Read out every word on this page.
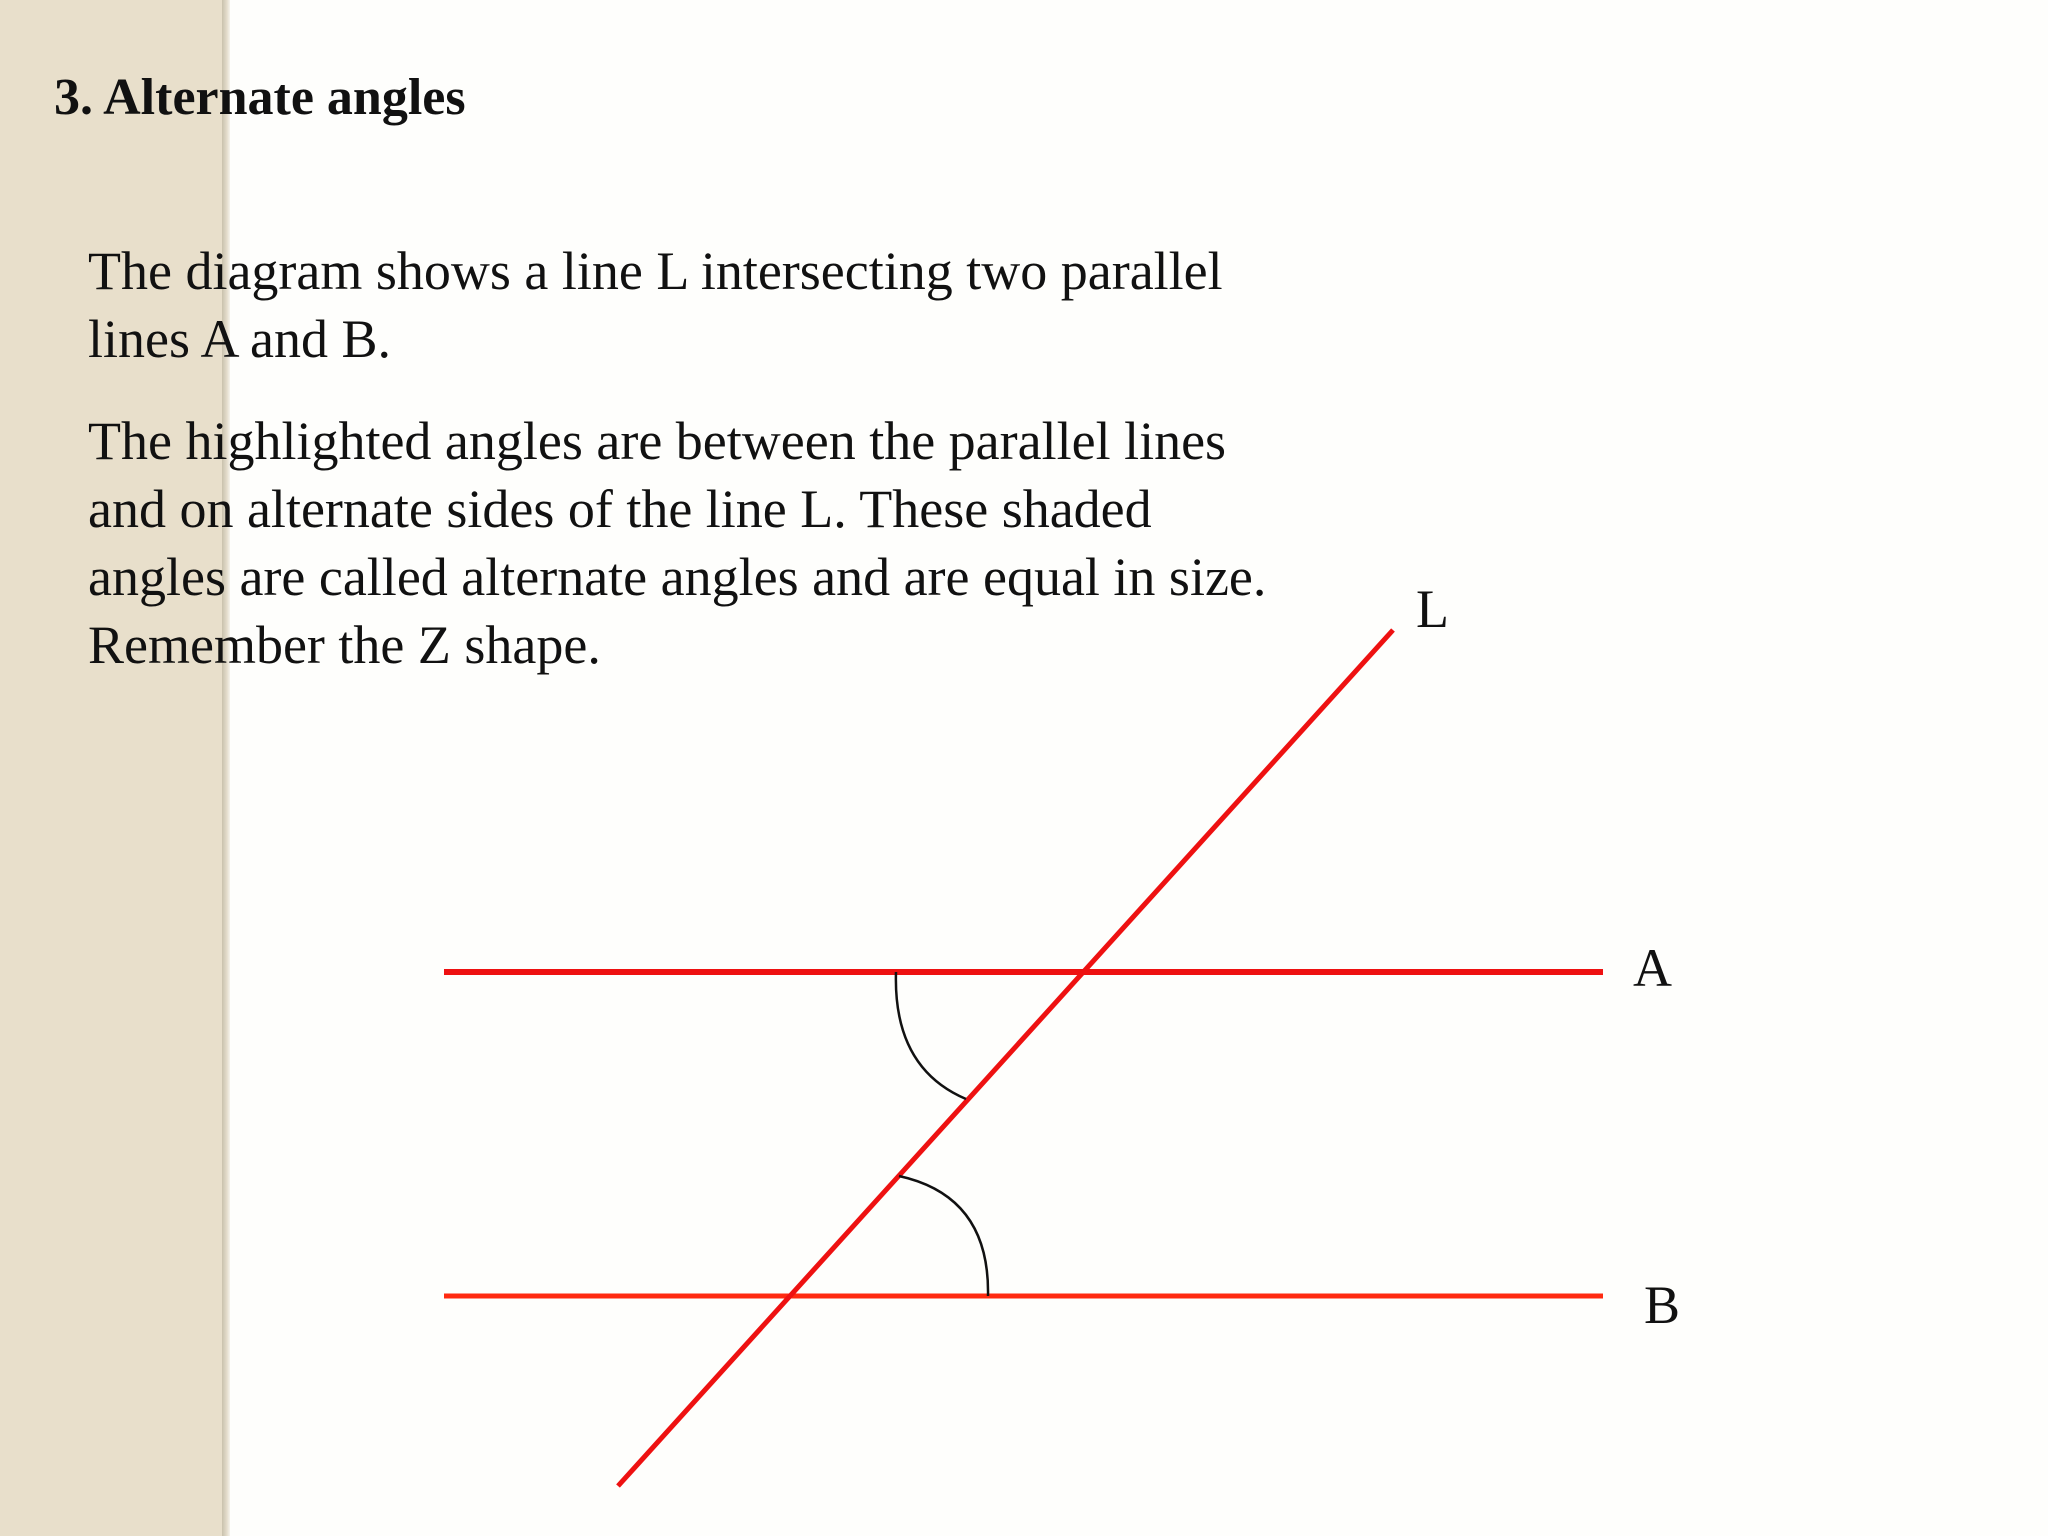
3. Alternate angles

The diagram shows a line L intersecting two parallel lines A and B.

The highlighted angles are between the parallel lines and on alternate sides of the line L. These shaded angles are called alternate angles and are equal in size. Remember the Z shape.

L
A
B
